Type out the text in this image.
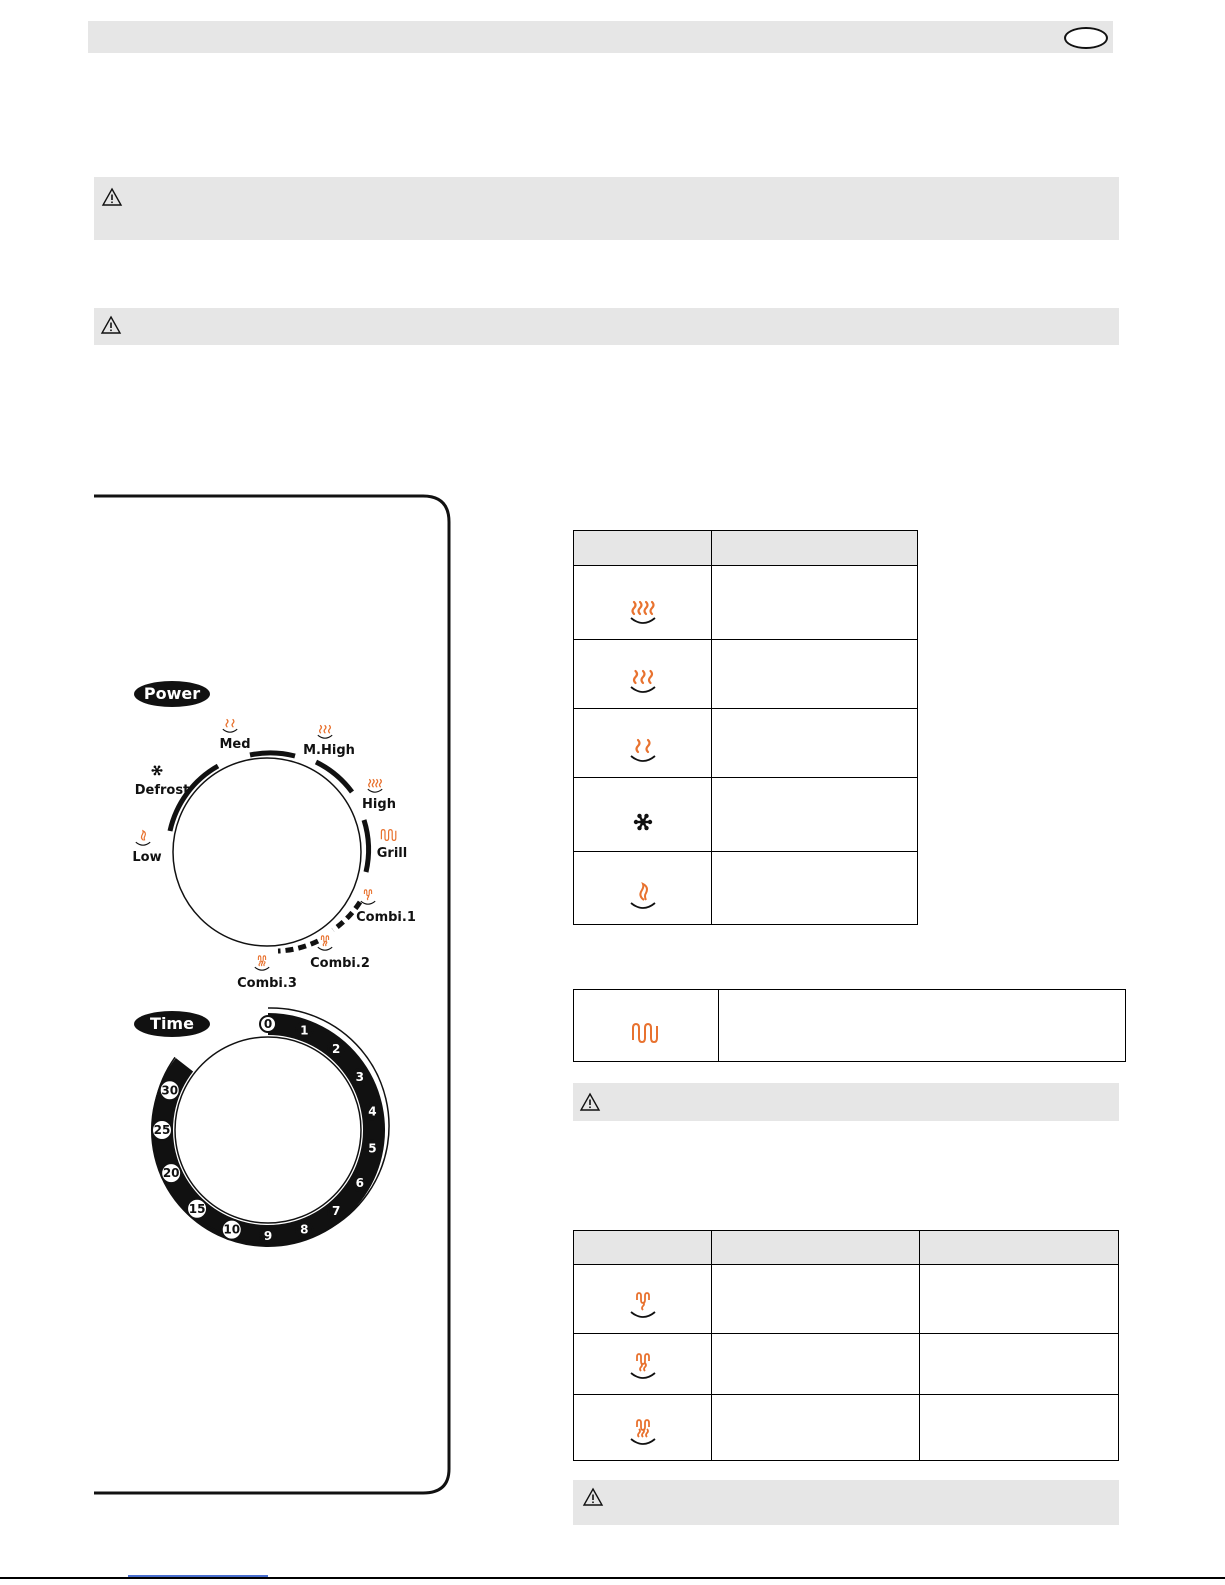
Power
Defrost
Med	M.High
High
Low	Grill
Combi.1
Combi.2
Combi.3
Time	0 1
2
3
4
5
6
7
8
9
10
15
20
25
30
